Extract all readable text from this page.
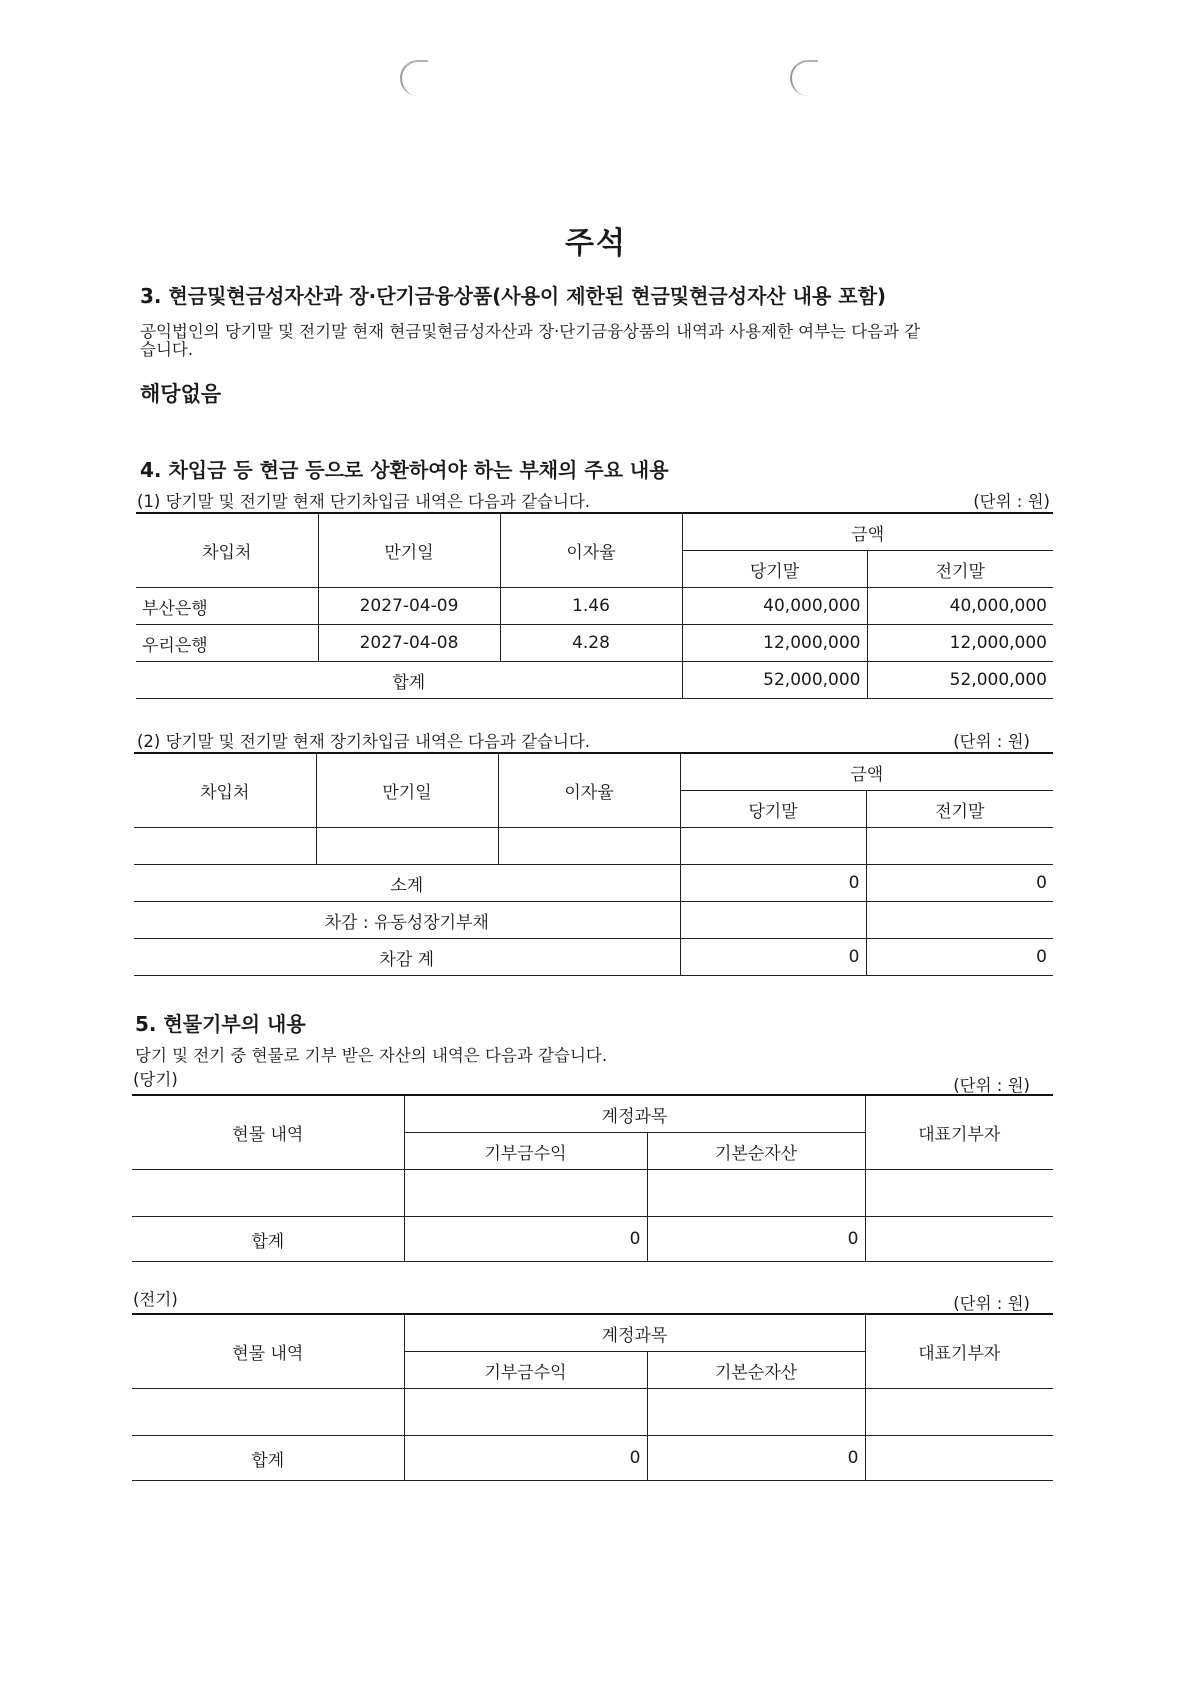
주석
3. 현금및현금성자산과 장·단기금융상품(사용이 제한된 현금및현금성자산 내용 포함)
공익법인의 당기말 및 전기말 현재 현금및현금성자산과 장·단기금융상품의 내역과 사용제한 여부는 다음과 같
습니다.
해당없음
4. 차입금 등 현금 등으로 상환하여야 하는 부채의 주요 내용
(1) 당기말 및 전기말 현재 단기차입금 내역은 다음과 같습니다.	(단위 : 원)
차입처	만기일	이자율	금액	
			당기말	전기말
부산은행	2027-04-09	1.46	40,000,000	40,000,000
우리은행	2027-04-08	4.28	12,000,000	12,000,000
합계			52,000,000	52,000,000
(2) 당기말 및 전기말 현재 장기차입금 내역은 다음과 같습니다.	(단위 : 원)
차입처	만기일	이자율	금액	
			당기말	전기말

소계			0	0
차감 : 유동성장기부채				
차감 계			0	0
5. 현물기부의 내용
당기 및 전기 중 현물로 기부 받은 자산의 내역은 다음과 같습니다.
(당기)	(단위 : 원)
현물 내역	계정과목		대표기부자
	기부금수익	기본순자산	

합계	0	0	
(전기)	(단위 : 원)
현물 내역	계정과목		대표기부자
	기부금수익	기본순자산	

합계	0	0	
